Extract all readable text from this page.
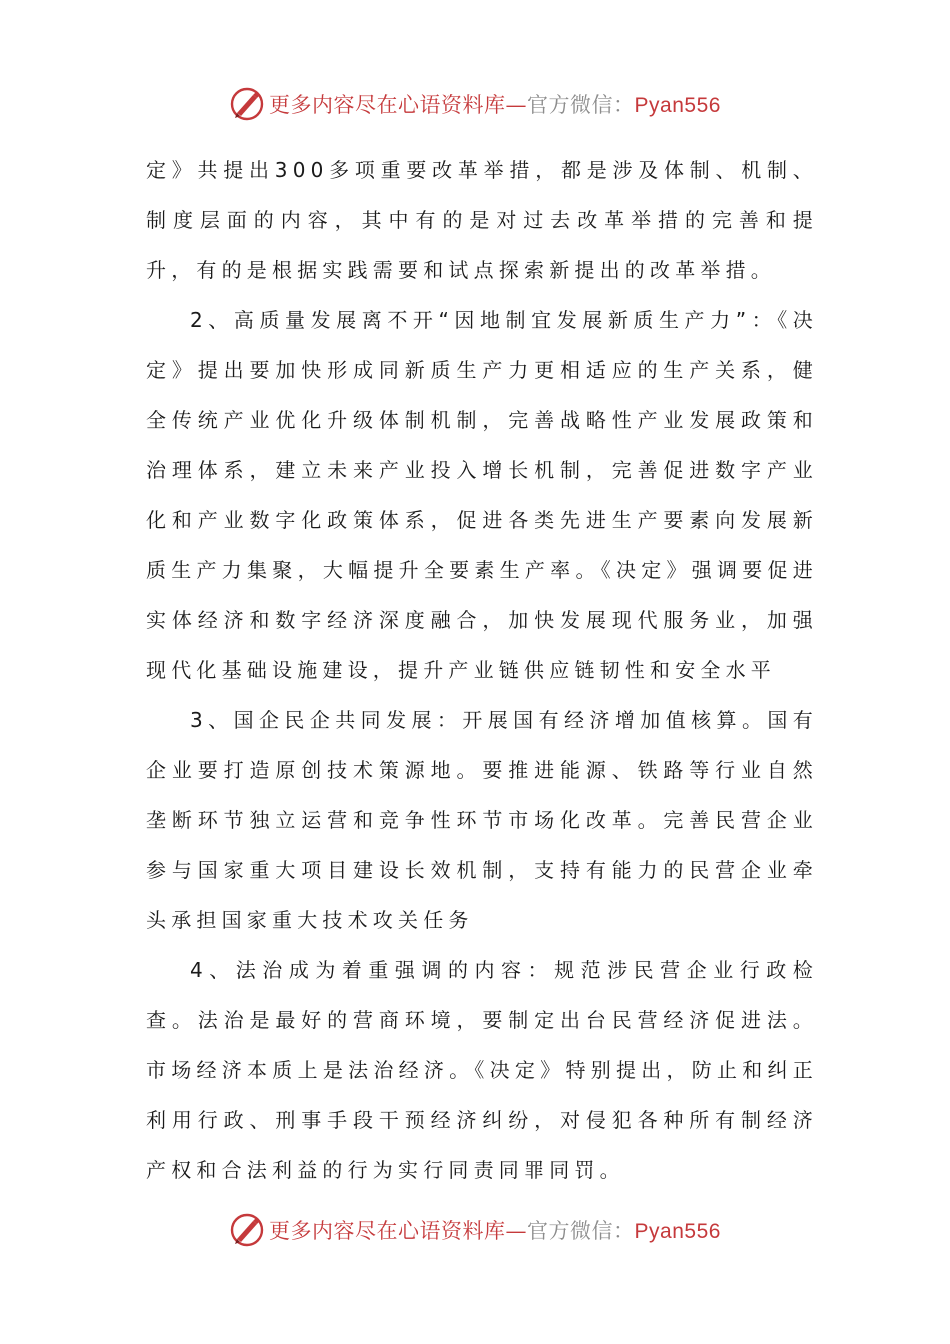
更多内容尽在心语资料库—官方微信：Pyan556

定》共提出300多项重要改革举措，都是涉及体制、机制、制度层面的内容，其中有的是对过去改革举措的完善和提升，有的是根据实践需要和试点探索新提出的改革举措。

2、高质量发展离不开“因地制宜发展新质生产力”：《决定》提出要加快形成同新质生产力更相适应的生产关系，健全传统产业优化升级体制机制，完善战略性产业发展政策和治理体系，建立未来产业投入增长机制，完善促进数字产业化和产业数字化政策体系，促进各类先进生产要素向发展新质生产力集聚，大幅提升全要素生产率。《决定》强调要促进实体经济和数字经济深度融合，加快发展现代服务业，加强现代化基础设施建设，提升产业链供应链韧性和安全水平

3、国企民企共同发展：开展国有经济增加值核算。国有企业要打造原创技术策源地。要推进能源、铁路等行业自然垄断环节独立运营和竞争性环节市场化改革。完善民营企业参与国家重大项目建设长效机制，支持有能力的民营企业牵头承担国家重大技术攻关任务

4、法治成为着重强调的内容：规范涉民营企业行政检查。法治是最好的营商环境，要制定出台民营经济促进法。市场经济本质上是法治经济。《决定》特别提出，防止和纠正利用行政、刑事手段干预经济纠纷，对侵犯各种所有制经济产权和合法利益的行为实行同责同罪同罚。

更多内容尽在心语资料库—官方微信：Pyan556
